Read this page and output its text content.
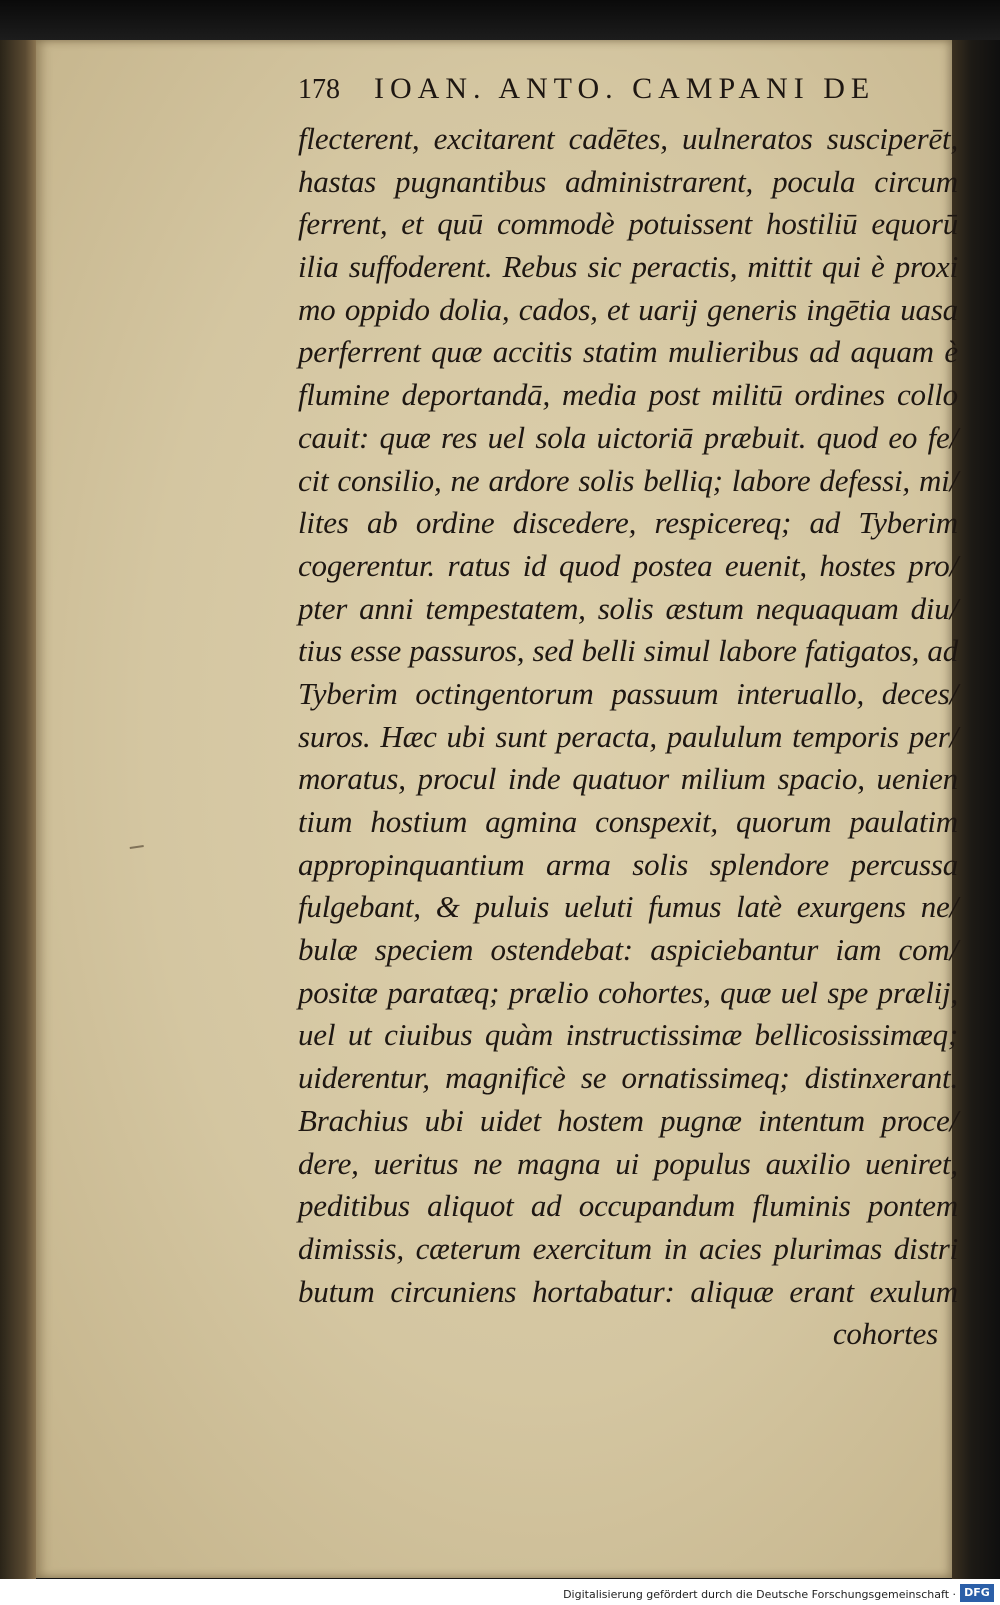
178 IOAN. ANTO. CAMPANI DE
flecterent, excitarent cadētes, uulneratos susciperēt,
hastas pugnantibus administrarent, pocula circum
ferrent, et quū commodè potuissent hostiliū equorū
ilia suffoderent. Rebus sic peractis, mittit qui è proxi
mo oppido dolia, cados, et uarij generis ingētia uasa
perferrent quæ accitis statim mulieribus ad aquam è
flumine deportandā, media post militū ordines collo
cauit: quæ res uel sola uictoriā præbuit. quod eo fe/
cit consilio, ne ardore solis belliq; labore defessi, mi/
lites ab ordine discedere, respicereq; ad Tyberim
cogerentur. ratus id quod postea euenit, hostes pro/
pter anni tempestatem, solis æstum nequaquam diu/
tius esse passuros, sed belli simul labore fatigatos, ad
Tyberim octingentorum passuum interuallo, deces/
suros. Hæc ubi sunt peracta, paululum temporis per/
moratus, procul inde quatuor milium spacio, uenien
tium hostium agmina conspexit, quorum paulatim
appropinquantium arma solis splendore percussa
fulgebant, & puluis ueluti fumus latè exurgens ne/
bulæ speciem ostendebat: aspiciebantur iam com/
positæ paratæq; prælio cohortes, quæ uel spe prælij,
uel ut ciuibus quàm instructissimæ bellicosissimæq;
uiderentur, magnificè se ornatissimeq; distinxerant.
Brachius ubi uidet hostem pugnæ intentum proce/
dere, ueritus ne magna ui populus auxilio ueniret,
peditibus aliquot ad occupandum fluminis pontem
dimissis, cæterum exercitum in acies plurimas distri
butum circuniens hortabatur: aliquæ erant exulum
cohortes
Digitalisierung gefördert durch die Deutsche Forschungsgemeinschaft · DFG
